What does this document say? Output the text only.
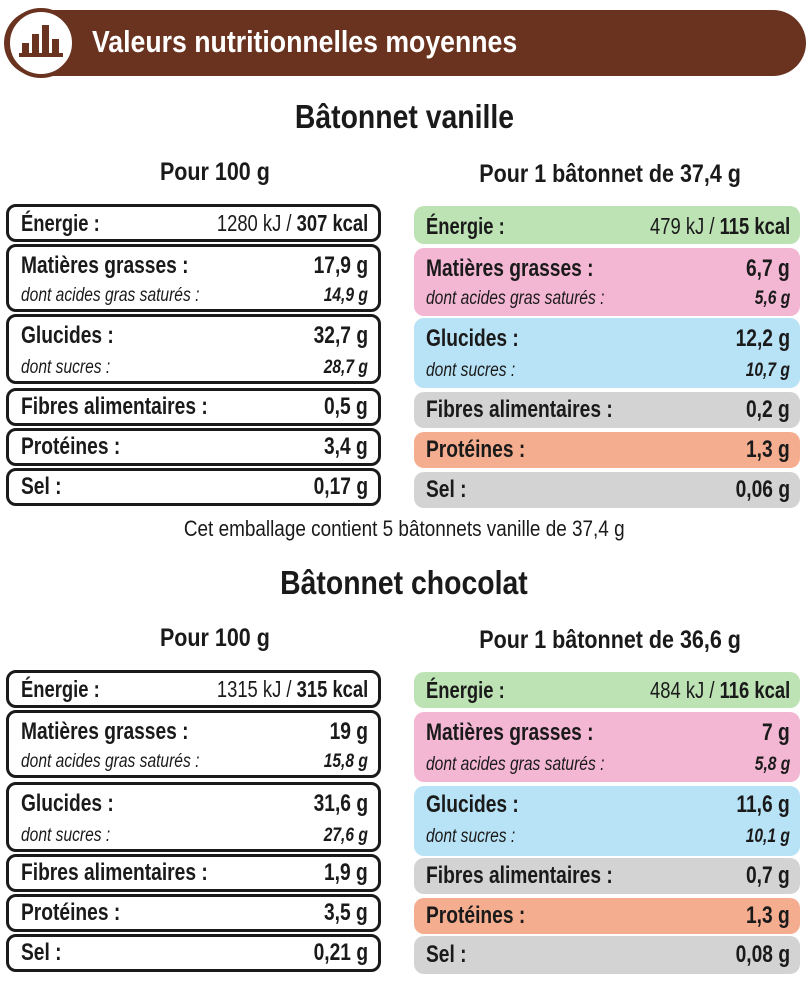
Valeurs nutritionnelles moyennes
Bâtonnet vanille
Pour 100 g	Pour 1 bâtonnet de 37,4 g
Énergie :	1280 kJ / 307 kcal
Matières grasses :	17,9 g
dont acides gras saturés :	14,9 g
Glucides :	32,7 g
dont sucres :	28,7 g
Fibres alimentaires :	0,5 g
Protéines :	3,4 g
Sel :	0,17 g
Énergie :	479 kJ / 115 kcal
Matières grasses :	6,7 g
dont acides gras saturés :	5,6 g
Glucides :	12,2 g
dont sucres :	10,7 g
Fibres alimentaires :	0,2 g
Protéines :	1,3 g
Sel :	0,06 g
Cet emballage contient 5 bâtonnets vanille de 37,4 g
Bâtonnet chocolat
Pour 100 g	Pour 1 bâtonnet de 36,6 g
Énergie :	1315 kJ / 315 kcal
Matières grasses :	19 g
dont acides gras saturés :	15,8 g
Glucides :	31,6 g
dont sucres :	27,6 g
Fibres alimentaires :	1,9 g
Protéines :	3,5 g
Sel :	0,21 g
Énergie :	484 kJ / 116 kcal
Matières grasses :	7 g
dont acides gras saturés :	5,8 g
Glucides :	11,6 g
dont sucres :	10,1 g
Fibres alimentaires :	0,7 g
Protéines :	1,3 g
Sel :	0,08 g
